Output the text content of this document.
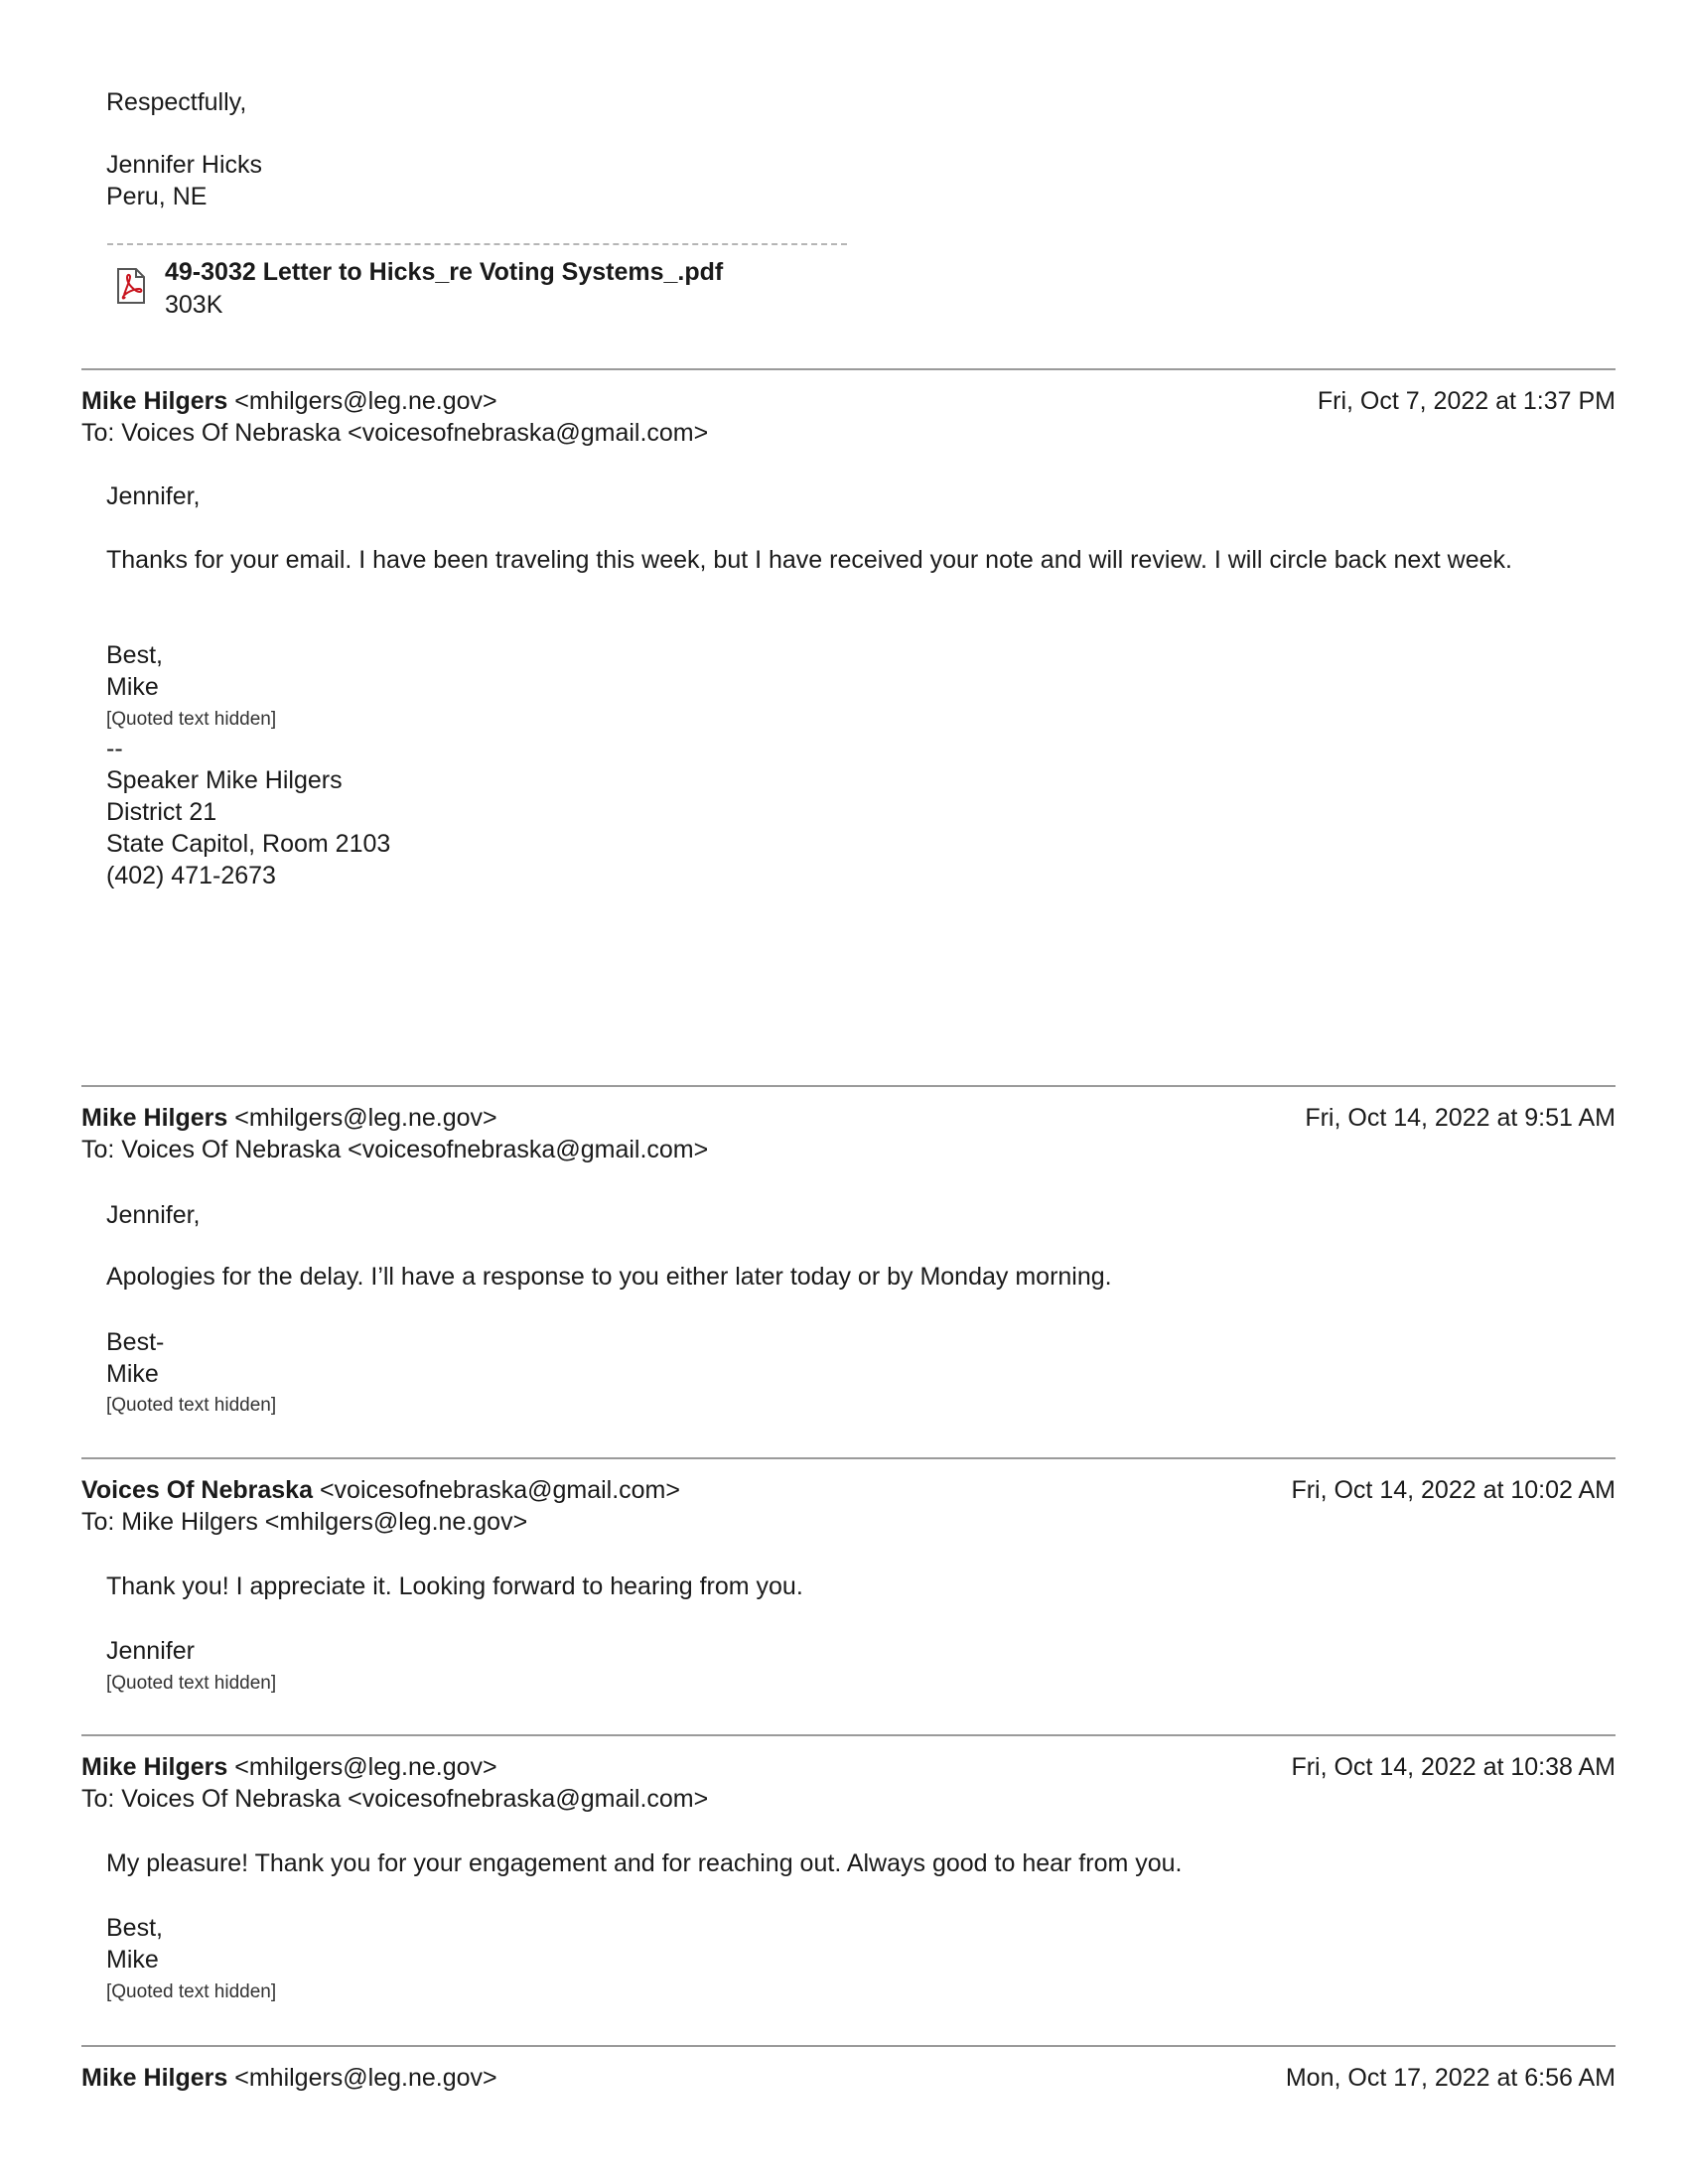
Respectfully,
Jennifer Hicks
Peru, NE
49-3032 Letter to Hicks_re Voting Systems_.pdf
303K
Mike Hilgers <mhilgers@leg.ne.gov>	Fri, Oct 7, 2022 at 1:37 PM
To: Voices Of Nebraska <voicesofnebraska@gmail.com>
Jennifer,
Thanks for your email. I have been traveling this week, but I have received your note and will review. I will circle back next week.
Best,
Mike
[Quoted text hidden]
--
Speaker Mike Hilgers
District 21
State Capitol, Room 2103
(402) 471-2673
Mike Hilgers <mhilgers@leg.ne.gov>	Fri, Oct 14, 2022 at 9:51 AM
To: Voices Of Nebraska <voicesofnebraska@gmail.com>
Jennifer,
Apologies for the delay. I’ll have a response to you either later today or by Monday morning.
Best-
Mike
[Quoted text hidden]
Voices Of Nebraska <voicesofnebraska@gmail.com>	Fri, Oct 14, 2022 at 10:02 AM
To: Mike Hilgers <mhilgers@leg.ne.gov>
Thank you! I appreciate it. Looking forward to hearing from you.
Jennifer
[Quoted text hidden]
Mike Hilgers <mhilgers@leg.ne.gov>	Fri, Oct 14, 2022 at 10:38 AM
To: Voices Of Nebraska <voicesofnebraska@gmail.com>
My pleasure! Thank you for your engagement and for reaching out. Always good to hear from you.
Best,
Mike
[Quoted text hidden]
Mike Hilgers <mhilgers@leg.ne.gov>	Mon, Oct 17, 2022 at 6:56 AM
